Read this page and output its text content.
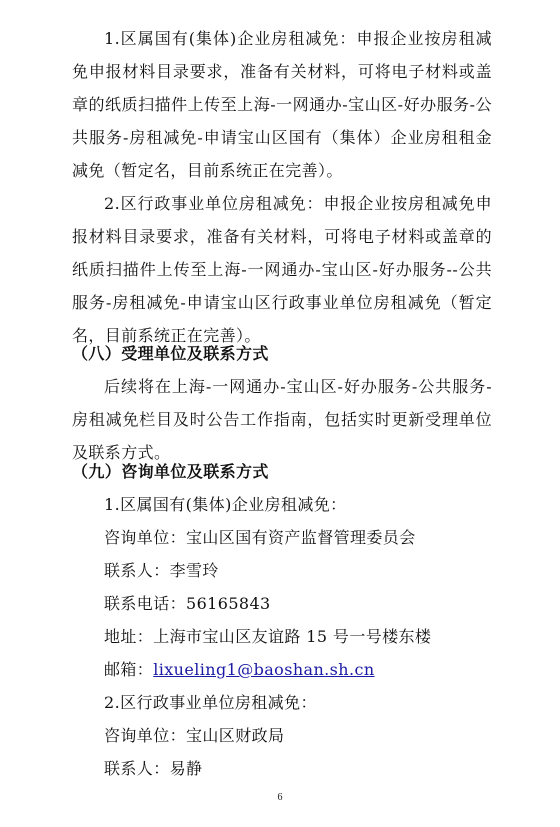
1.区属国有(集体)企业房租减免：申报企业按房租减免申报材料目录要求，准备有关材料，可将电子材料或盖章的纸质扫描件上传至上海-一网通办-宝山区-好办服务-公共服务-房租减免-申请宝山区国有（集体）企业房租租金减免（暂定名，目前系统正在完善）。

2.区行政事业单位房租减免：申报企业按房租减免申报材料目录要求，准备有关材料，可将电子材料或盖章的纸质扫描件上传至上海-一网通办-宝山区-好办服务--公共服务-房租减免-申请宝山区行政事业单位房租减免（暂定名，目前系统正在完善）。

（八）受理单位及联系方式

后续将在上海-一网通办-宝山区-好办服务-公共服务-房租减免栏目及时公告工作指南，包括实时更新受理单位及联系方式。

（九）咨询单位及联系方式

1.区属国有(集体)企业房租减免：

咨询单位：宝山区国有资产监督管理委员会

联系人：李雪玲

联系电话：56165843

地址：上海市宝山区友谊路 15 号一号楼东楼

邮箱：lixueling1@baoshan.sh.cn

2.区行政事业单位房租减免：

咨询单位：宝山区财政局

联系人：易静

6
